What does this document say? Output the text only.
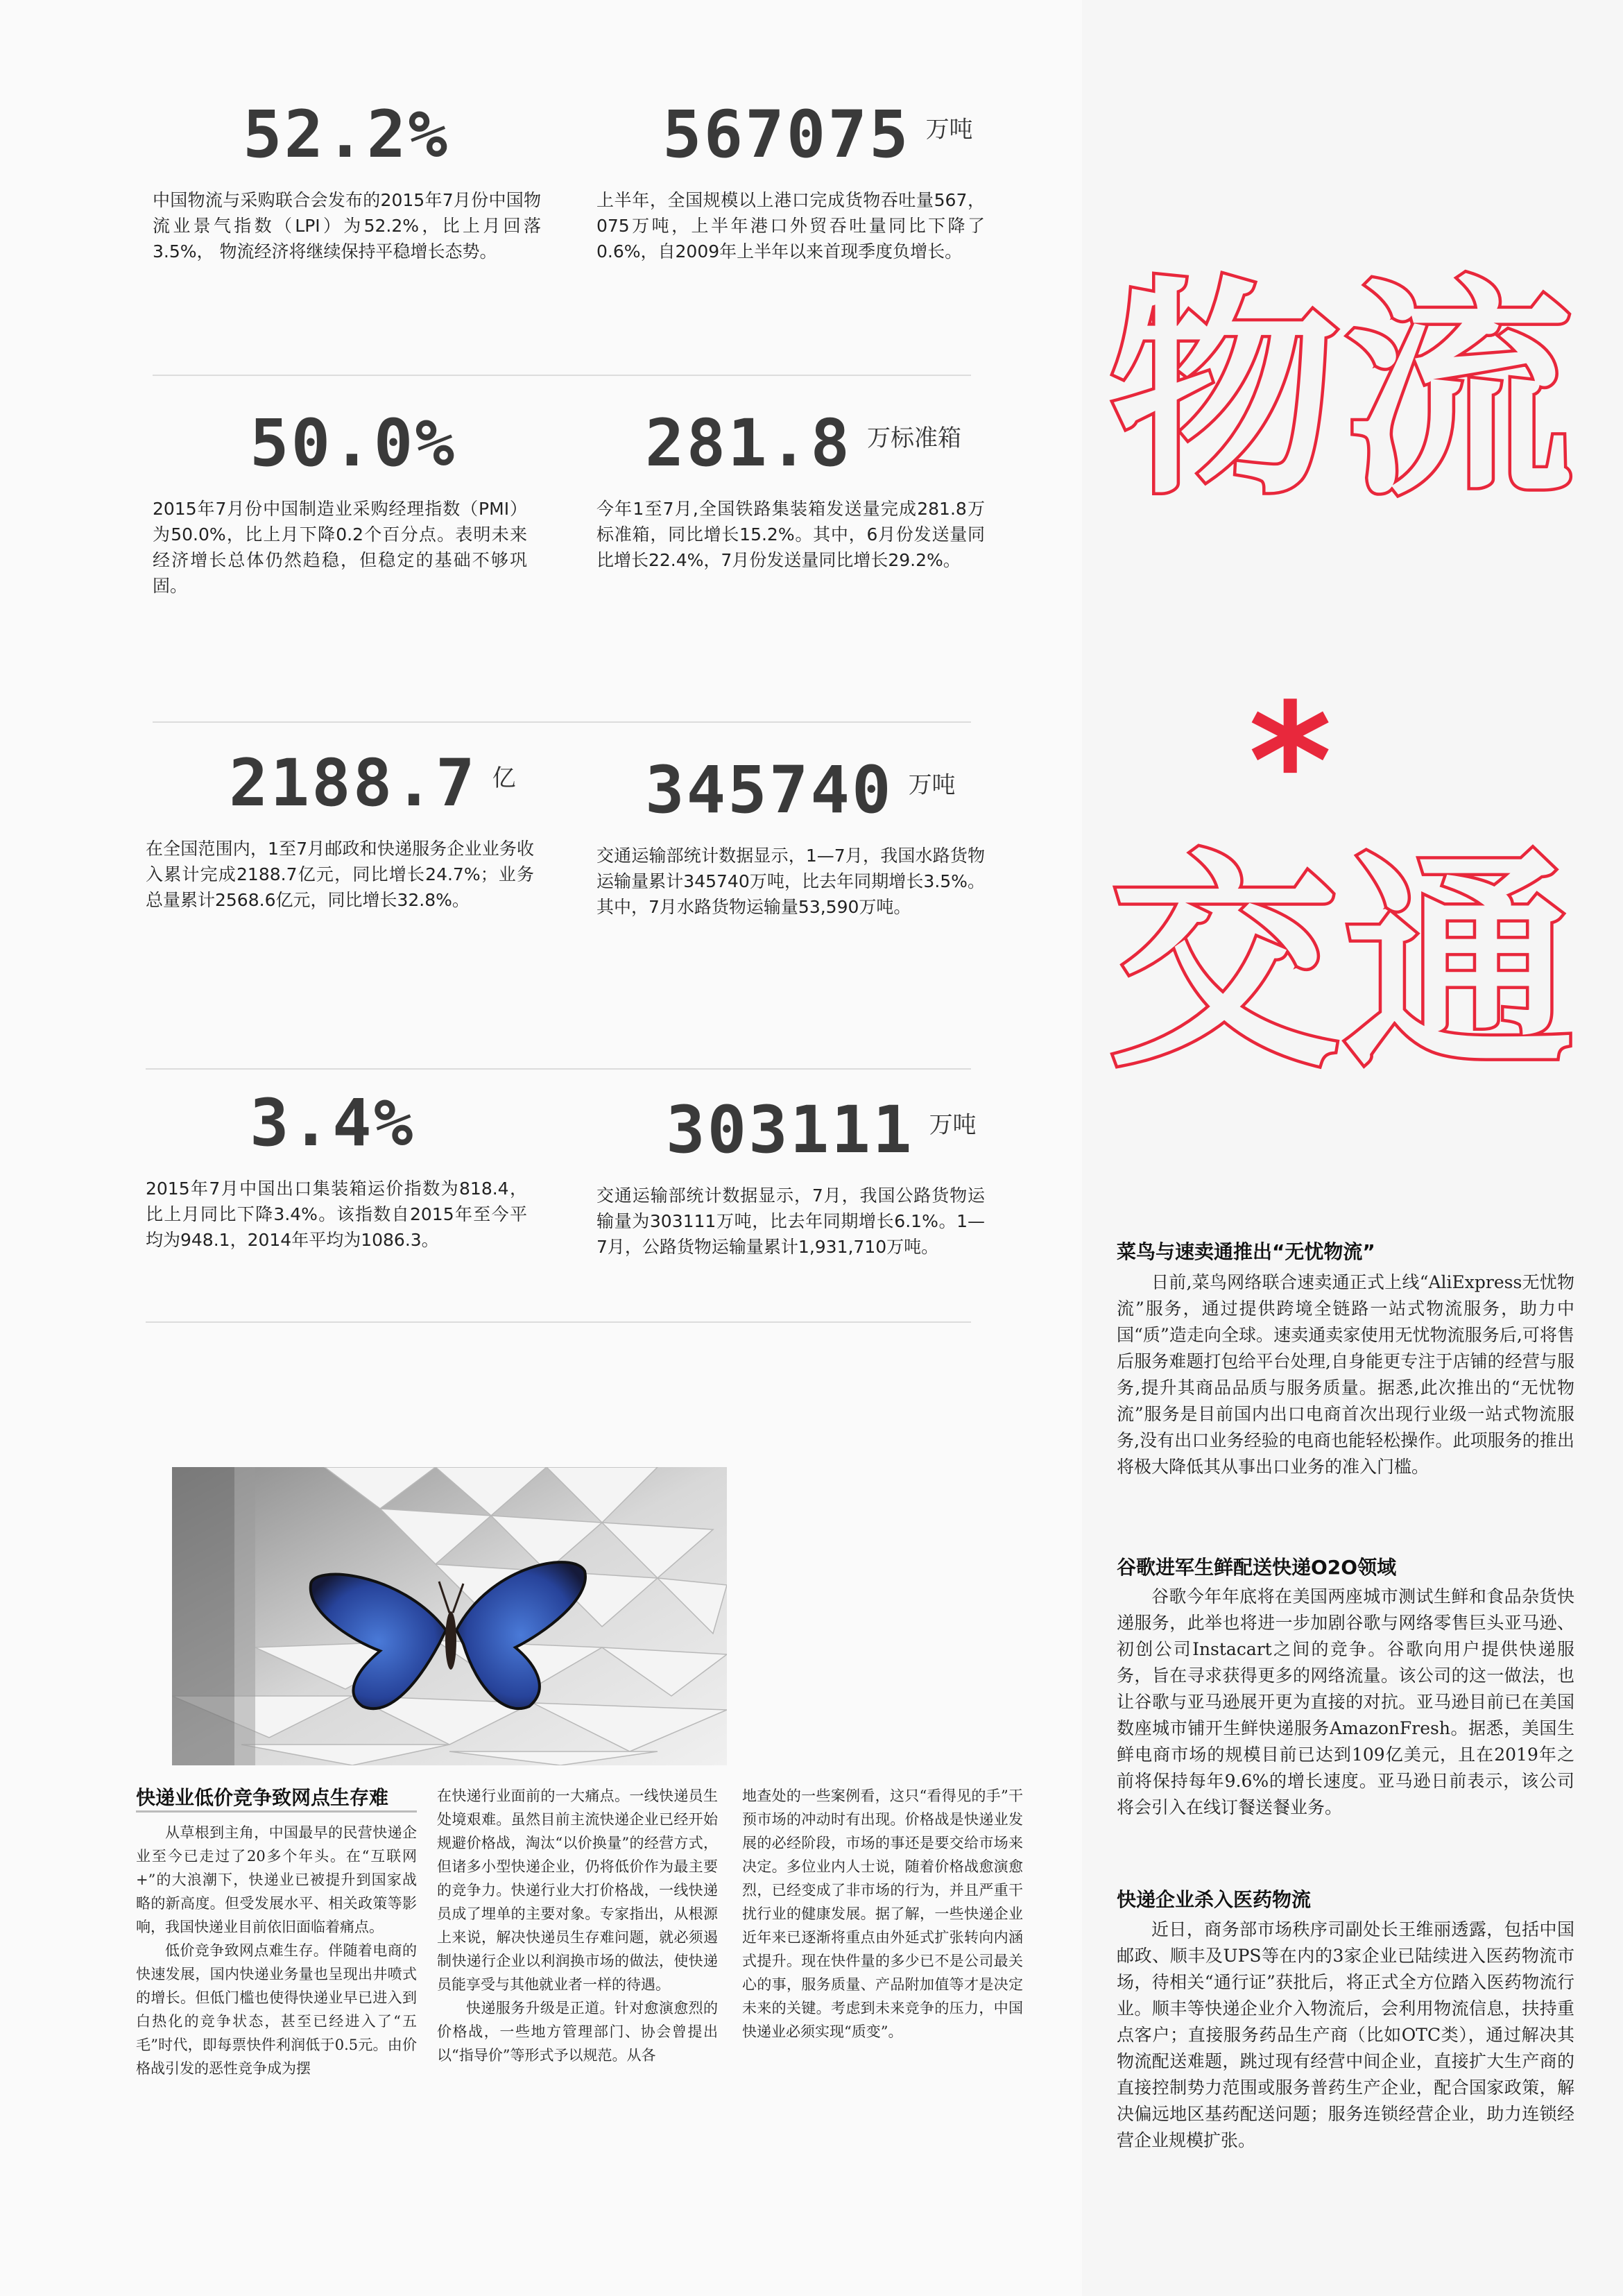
52.2%
中国物流与采购联合会发布的2015年7月份中国物流业景气指数（LPI）为52.2%，比上月回落3.5%， 物流经济将继续保持平稳增长态势。
567075 万吨
上半年，全国规模以上港口完成货物吞吐量567，075万吨，上半年港口外贸吞吐量同比下降了0.6%，自2009年上半年以来首现季度负增长。
50.0%
2015年7月份中国制造业采购经理指数（PMI）为50.0%，比上月下降0.2个百分点。表明未来经济增长总体仍然趋稳，但稳定的基础不够巩固。
281.8 万标准箱
今年1至7月,全国铁路集装箱发送量完成281.8万标准箱，同比增长15.2%。其中，6月份发送量同比增长22.4%，7月份发送量同比增长29.2%。
2188.7 亿
在全国范围内，1至7月邮政和快递服务企业业务收入累计完成2188.7亿元，同比增长24.7%；业务总量累计2568.6亿元，同比增长32.8%。
345740 万吨
交通运输部统计数据显示，1—7月，我国水路货物运输量累计345740万吨，比去年同期增长3.5%。其中，7月水路货物运输量53,590万吨。
3.4%
2015年7月中国出口集装箱运价指数为818.4，比上月同比下降3.4%。该指数自2015年至今平均为948.1，2014年平均为1086.3。
303111 万吨
交通运输部统计数据显示，7月，我国公路货物运输量为303111万吨，比去年同期增长6.1%。1—7月，公路货物运输量累计1,931,710万吨。
物流
*
交通
菜鸟与速卖通推出“无忧物流”

日前,菜鸟网络联合速卖通正式上线“AliExpress无忧物流”服务，通过提供跨境全链路一站式物流服务，助力中国“质”造走向全球。速卖通卖家使用无忧物流服务后,可将售后服务难题打包给平台处理,自身能更专注于店铺的经营与服务,提升其商品品质与服务质量。据悉,此次推出的“无忧物流”服务是目前国内出口电商首次出现行业级一站式物流服务,没有出口业务经验的电商也能轻松操作。此项服务的推出将极大降低其从事出口业务的准入门槛。

谷歌进军生鲜配送快递O2O领域

谷歌今年年底将在美国两座城市测试生鲜和食品杂货快递服务，此举也将进一步加剧谷歌与网络零售巨头亚马逊、初创公司Instacart之间的竞争。谷歌向用户提供快递服务，旨在寻求获得更多的网络流量。该公司的这一做法，也让谷歌与亚马逊展开更为直接的对抗。亚马逊目前已在美国数座城市铺开生鲜快递服务AmazonFresh。据悉，美国生鲜电商市场的规模目前已达到109亿美元，且在2019年之前将保持每年9.6%的增长速度。亚马逊日前表示，该公司将会引入在线订餐送餐业务。

快递企业杀入医药物流

近日，商务部市场秩序司副处长王维丽透露，包括中国邮政、顺丰及UPS等在内的3家企业已陆续进入医药物流市场，待相关“通行证”获批后，将正式全方位踏入医药物流行业。顺丰等快递企业介入物流后，会利用物流信息，扶持重点客户；直接服务药品生产商（比如OTC类），通过解决其物流配送难题，跳过现有经营中间企业，直接扩大生产商的直接控制势力范围或服务普药生产企业，配合国家政策，解决偏远地区基药配送问题；服务连锁经营企业，助力连锁经营企业规模扩张。

快递业低价竞争致网点生存难

从草根到主角，中国最早的民营快递企业至今已走过了20多个年头。在“互联网+”的大浪潮下，快递业已被提升到国家战略的新高度。但受发展水平、相关政策等影响，我国快递业目前依旧面临着痛点。

低价竞争致网点难生存。伴随着电商的快速发展，国内快递业务量也呈现出井喷式的增长。但低门槛也使得快递业早已进入到白热化的竞争状态，甚至已经进入了“五毛”时代，即每票快件利润低于0.5元。由价格战引发的恶性竞争成为摆

在快递行业面前的一大痛点。一线快递员生处境艰难。虽然目前主流快递企业已经开始规避价格战，淘汰“以价换量”的经营方式，但诸多小型快递企业，仍将低价作为最主要的竞争力。快递行业大打价格战，一线快递员成了埋单的主要对象。专家指出，从根源上来说，解决快递员生存难问题，就必须遏制快递行企业以利润换市场的做法，使快递员能享受与其他就业者一样的待遇。

快递服务升级是正道。针对愈演愈烈的价格战，一些地方管理部门、协会曾提出以“指导价”等形式予以规范。从各

地查处的一些案例看，这只“看得见的手”干预市场的冲动时有出现。价格战是快递业发展的必经阶段，市场的事还是要交给市场来决定。多位业内人士说，随着价格战愈演愈烈，已经变成了非市场的行为，并且严重干扰行业的健康发展。据了解，一些快递企业近年来已逐渐将重点由外延式扩张转向内涵式提升。现在快件量的多少已不是公司最关心的事，服务质量、产品附加值等才是决定未来的关键。考虑到未来竞争的压力，中国快递业必须实现“质变”。
